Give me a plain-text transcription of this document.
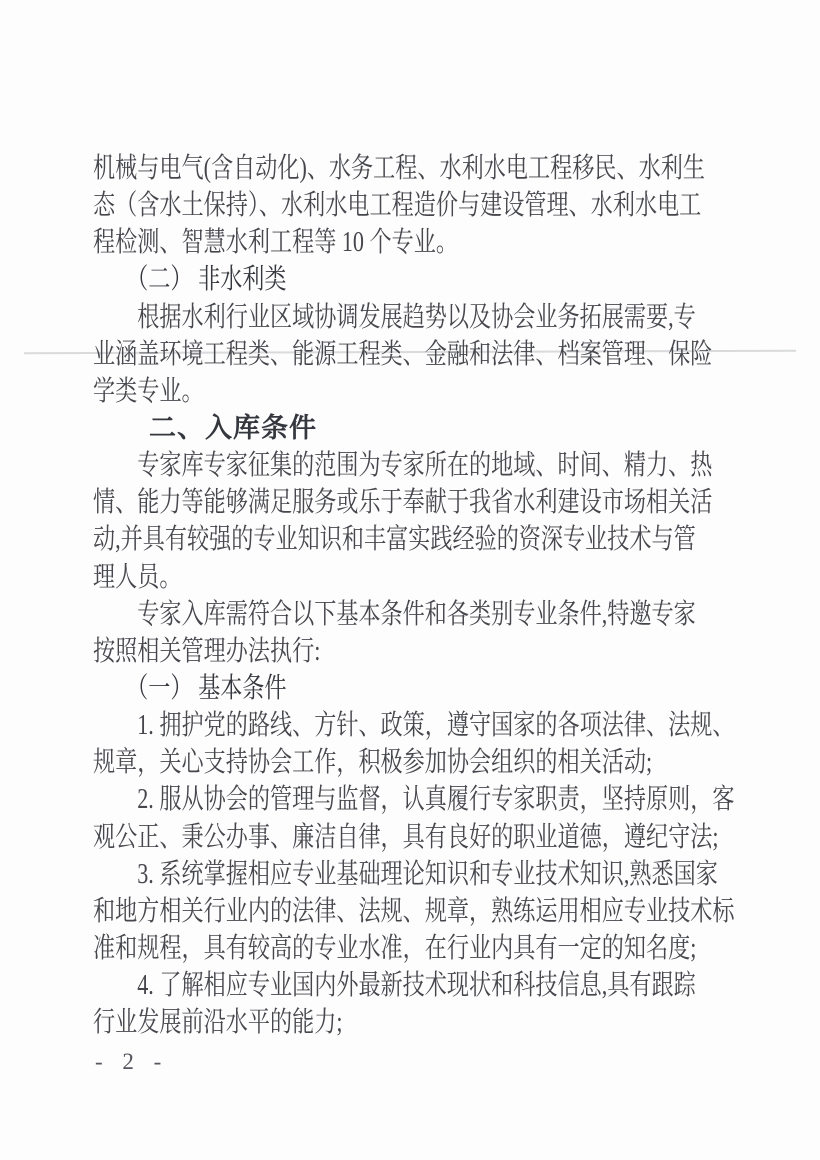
机械与电气(含自动化)、水务工程、水利水电工程移民、水利生
态（含水土保持）、水利水电工程造价与建设管理、水利水电工
程检测、智慧水利工程等 10 个专业。
　　（二） 非水利类
　　根据水利行业区域协调发展趋势以及协会业务拓展需要,专
业涵盖环境工程类、能源工程类、金融和法律、档案管理、保险
学类专业。
　　二、入库条件
　　专家库专家征集的范围为专家所在的地域、时间、精力、热
情、能力等能够满足服务或乐于奉献于我省水利建设市场相关活
动,并具有较强的专业知识和丰富实践经验的资深专业技术与管
理人员。
　　专家入库需符合以下基本条件和各类别专业条件,特邀专家
按照相关管理办法执行:
　　（一） 基本条件
　　1. 拥护党的路线、方针、政策，遵守国家的各项法律、法规、
规章，关心支持协会工作，积极参加协会组织的相关活动;
　　2. 服从协会的管理与监督，认真履行专家职责，坚持原则，客
观公正、秉公办事、廉洁自律，具有良好的职业道德，遵纪守法;
　　3. 系统掌握相应专业基础理论知识和专业技术知识,熟悉国家
和地方相关行业内的法律、法规、规章，熟练运用相应专业技术标
准和规程，具有较高的专业水准，在行业内具有一定的知名度;
　　4. 了解相应专业国内外最新技术现状和科技信息,具有跟踪
行业发展前沿水平的能力;
- 2 -
